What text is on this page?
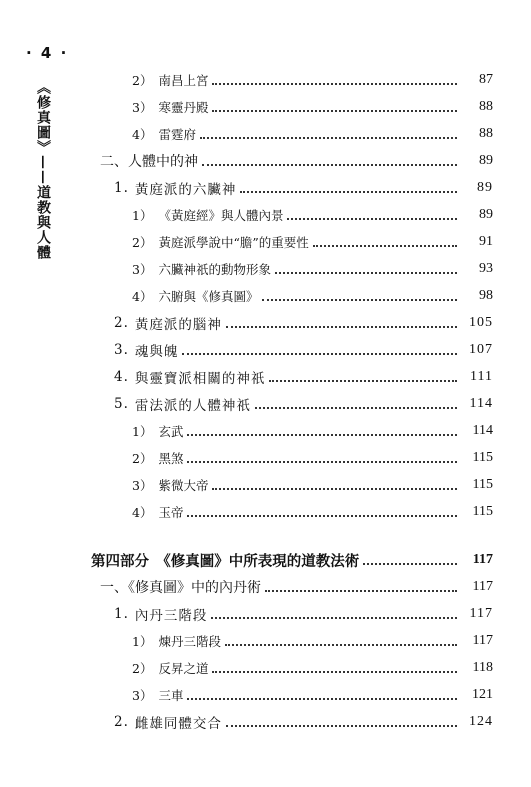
· 4 ·
《修真圖》——道教與人體	2） 南昌上宮	87
3） 寒靈丹殿	88
4） 雷霆府	88
二、人體中的神	89
1. 黃庭派的六臟神	89
1） 《黃庭經》與人體內景	89
2） 黃庭派學說中“膽”的重要性	91
3） 六臟神祇的動物形象	93
4） 六腑與《修真圖》	98
2. 黃庭派的腦神	105
3. 魂與魄	107
4. 與靈寶派相關的神祇	111
5. 雷法派的人體神祇	114
1） 玄武	114
2） 黑煞	115
3） 紫微大帝	115
4） 玉帝	115
第四部分　《修真圖》中所表現的道教法術	117
一、《修真圖》中的內丹術	117
1. 內丹三階段	117
1） 煉丹三階段	117
2） 反昇之道	118
3） 三車	121
2. 雌雄同體交合	124
